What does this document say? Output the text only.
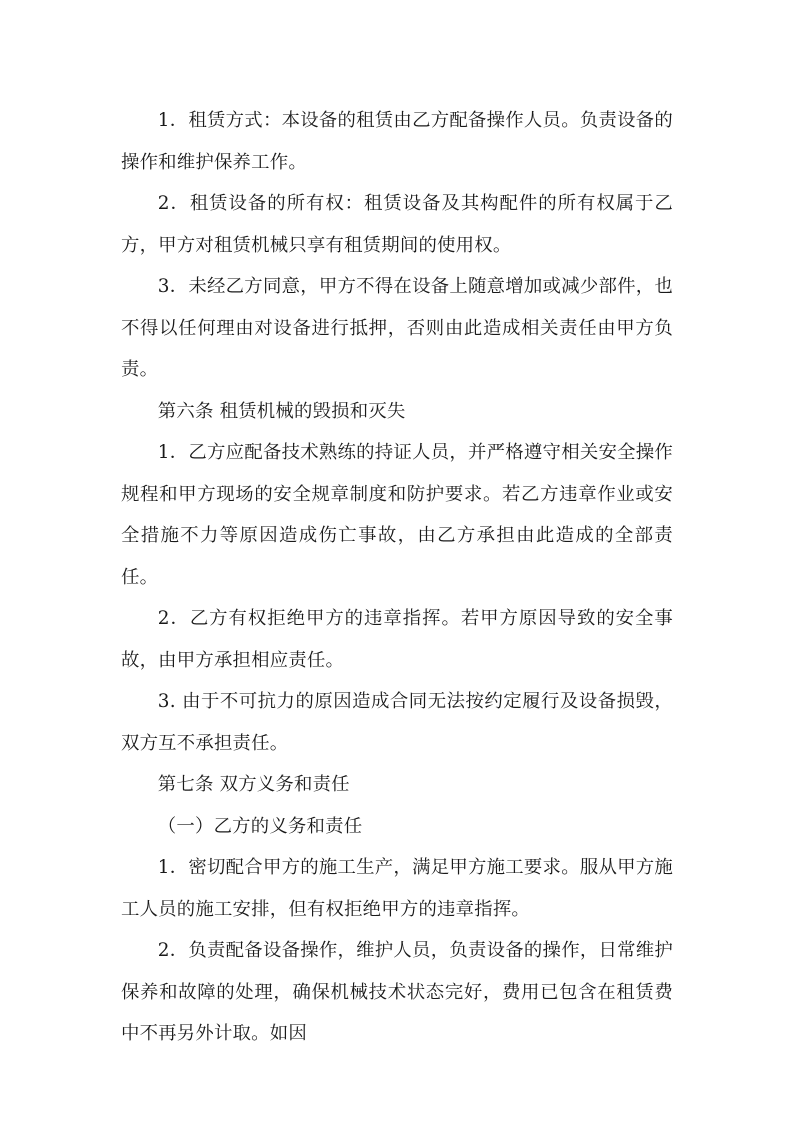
1．租赁方式：本设备的租赁由乙方配备操作人员。负责设备的操作和维护保养工作。

2．租赁设备的所有权：租赁设备及其构配件的所有权属于乙方，甲方对租赁机械只享有租赁期间的使用权。

3．未经乙方同意，甲方不得在设备上随意增加或减少部件，也不得以任何理由对设备进行抵押，否则由此造成相关责任由甲方负责。

第六条 租赁机械的毁损和灭失

1．乙方应配备技术熟练的持证人员，并严格遵守相关安全操作规程和甲方现场的安全规章制度和防护要求。若乙方违章作业或安全措施不力等原因造成伤亡事故，由乙方承担由此造成的全部责任。

2．乙方有权拒绝甲方的违章指挥。若甲方原因导致的安全事故，由甲方承担相应责任。

3. 由于不可抗力的原因造成合同无法按约定履行及设备损毁，双方互不承担责任。

第七条 双方义务和责任

（一）乙方的义务和责任

1．密切配合甲方的施工生产，满足甲方施工要求。服从甲方施工人员的施工安排，但有权拒绝甲方的违章指挥。

2．负责配备设备操作，维护人员，负责设备的操作，日常维护保养和故障的处理，确保机械技术状态完好，费用已包含在租赁费中不再另外计取。如因
